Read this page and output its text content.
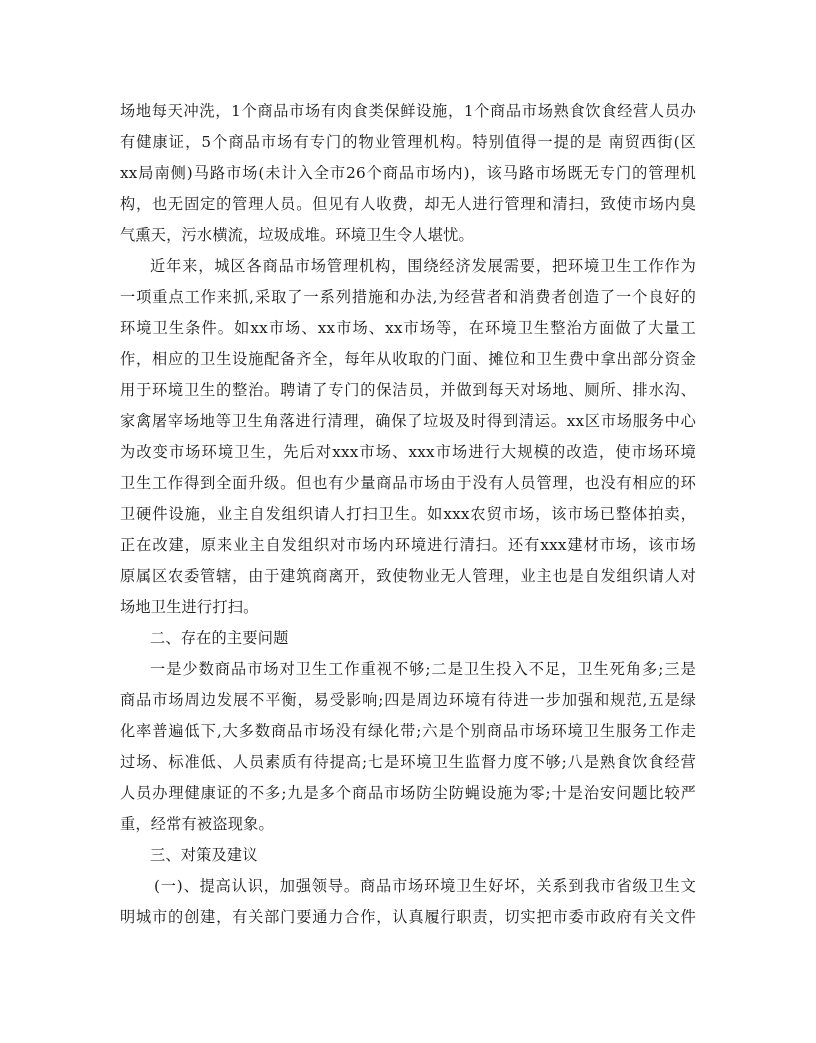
场地每天冲洗，1个商品市场有肉食类保鲜设施，1个商品市场熟食饮食经营人员办
有健康证，5个商品市场有专门的物业管理机构。特别值得一提的是 南贸西街(区
xx局南侧)马路市场(未计入全市26个商品市场内)，该马路市场既无专门的管理机
构，也无固定的管理人员。但见有人收费，却无人进行管理和清扫，致使市场内臭
气熏天，污水横流，垃圾成堆。环境卫生令人堪忧。
近年来，城区各商品市场管理机构，围绕经济发展需要，把环境卫生工作作为
一项重点工作来抓,采取了一系列措施和办法,为经营者和消费者创造了一个良好的
环境卫生条件。如xx市场、xx市场、xx市场等，在环境卫生整治方面做了大量工
作，相应的卫生设施配备齐全，每年从收取的门面、摊位和卫生费中拿出部分资金
用于环境卫生的整治。聘请了专门的保洁员，并做到每天对场地、厕所、排水沟、
家禽屠宰场地等卫生角落进行清理，确保了垃圾及时得到清运。xx区市场服务中心
为改变市场环境卫生，先后对xxx市场、xxx市场进行大规模的改造，使市场环境
卫生工作得到全面升级。但也有少量商品市场由于没有人员管理，也没有相应的环
卫硬件设施，业主自发组织请人打扫卫生。如xxx农贸市场，该市场已整体拍卖，
正在改建，原来业主自发组织对市场内环境进行清扫。还有xxx建材市场，该市场
原属区农委管辖，由于建筑商离开，致使物业无人管理，业主也是自发组织请人对
场地卫生进行打扫。
二、存在的主要问题
一是少数商品市场对卫生工作重视不够;二是卫生投入不足，卫生死角多;三是
商品市场周边发展不平衡，易受影响;四是周边环境有待进一步加强和规范,五是绿
化率普遍低下,大多数商品市场没有绿化带;六是个别商品市场环境卫生服务工作走
过场、标准低、人员素质有待提高;七是环境卫生监督力度不够;八是熟食饮食经营
人员办理健康证的不多;九是多个商品市场防尘防蝇设施为零;十是治安问题比较严
重，经常有被盗现象。
三、对策及建议
(一)、提高认识，加强领导。商品市场环境卫生好坏，关系到我市省级卫生文
明城市的创建，有关部门要通力合作，认真履行职责，切实把市委市政府有关文件
